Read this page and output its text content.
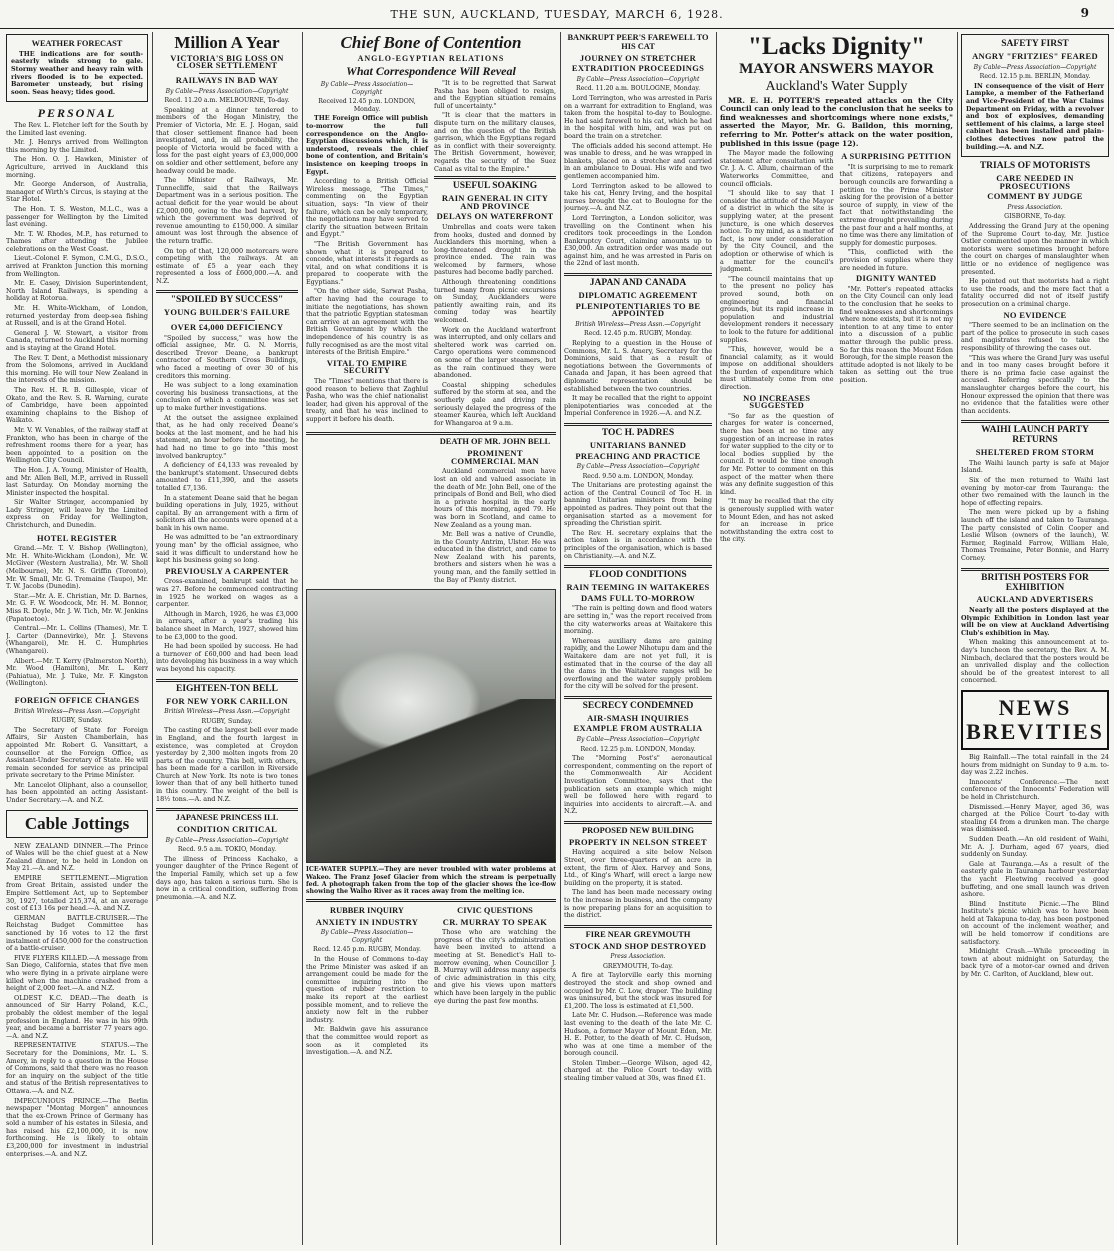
THE SUN, AUCKLAND, TUESDAY, MARCH 6, 1928.	9
WEATHER FORECAST

THE indications are for south-easterly winds strong to gale. Stormy weather and heavy rain with rivers flooded is to be expected. Barometer unsteady, but rising soon. Seas heavy; tides good.

PERSONAL

The Rev. L. Fletcher left for the South by the Limited last evening.

Mr. J. Henrys arrived from Wellington this morning by the Limited.

The Hon. O. J. Hawken, Minister of Agriculture, arrived in Auckland this morning.

Mr. George Anderson, of Australia, manager of Wirth's Circus, is staying at the Star Hotel.

The Hon. T. S. Weston, M.L.C., was a passenger for Wellington by the Limited last evening.

Mr. T. W. Rhodes, M.P., has returned to Thames after attending the Jubilee celebrations on the West Coast.

Lieut.-Colonel F. Symon, C.M.G., D.S.O., arrived at Frankton Junction this morning from Wellington.

Mr. E. Casey, Division Superintendent, North Island Railways, is spending a holiday at Rotorua.

Mr. H. White-Wickham, of London, returned yesterday from deep-sea fishing at Russell, and is at the Grand Hotel.

General J. W. Stewart, a visitor from Canada, returned to Auckland this morning and is staying at the Grand Hotel.

The Rev. T. Dent, a Methodist missionary from the Solomons, arrived in Auckland this morning. He will tour New Zealand in the interests of the mission.

The Rev. H. R. B. Gillespie, vicar of Okato, and the Rev. S. R. Warning, curate of Cambridge, have been appointed examining chaplains to the Bishop of Waikato.

Mr. V. W. Venables, of the railway staff at Frankton, who has been in charge of the refreshment rooms there for a year, has been appointed to a position on the Wellington City Council.

The Hon. J. A. Young, Minister of Health, and Mr. Allen Bell, M.P., arrived in Russell last Saturday. On Monday morning the Minister inspected the hospital.

Sir Walter Stringer, accompanied by Lady Stringer, will leave by the Limited express on Friday for Wellington, Christchurch, and Dunedin.

HOTEL REGISTER

Grand.—Mr. T. V. Bishop (Wellington), Mr. H. White-Wickham (London), Mr. W. McGiver (Western Australia), Mr. W. Sholl (Melbourne), Mr. N. S. Griffin (Toronto), Mr. W. Small, Mr. G. Tremaine (Taupo), Mr. T. W. Jacobs (Dunedin).

Star.—Mr. A. E. Christian, Mr. D. Barnes, Mr. G. F. W. Woodcock, Mr. H. M. Bonnor, Miss R. Doyle, Mr. J. W. Tich, Mr. W. Jenkins (Papatoetoe).

Central.—Mr. L. Collins (Thames), Mr. T. J. Carter (Dannevirke), Mr. J. Stevens (Whangarei), Mr. H. C. Humphries (Whangarei).

Albert.—Mr. T. Kerry (Palmerston North), Mr. Wood (Hamilton), Mr. L. Kerr (Pahiatua), Mr. J. Tuke, Mr. F. Kingston (Wellington).

FOREIGN OFFICE CHANGES
British Wireless—Press Assn.—Copyright
RUGBY, Sunday.

The Secretary of State for Foreign Affairs, Sir Austen Chamberlain, has appointed Mr. Robert G. Vansittart, a counsellor at the Foreign Office, as Assistant-Under Secretary of State. He will remain seconded for service as principal private secretary to the Prime Minister.

Mr. Lancelot Oliphant, also a counsellor, has been appointed an acting Assistant-Under Secretary.—A. and N.Z.

Cable Jottings

NEW ZEALAND DINNER.—The Prince of Wales will be the chief guest at a New Zealand dinner, to be held in London on May 21.—A. and N.Z.

EMPIRE SETTLEMENT.—Migration from Great Britain, assisted under the Empire Settlement Act, up to September 30, 1927, totalled 215,374, at an average cost of £13 16s per head.—A. and N.Z.

GERMAN BATTLE-CRUISER.—The Reichstag Budget Committee has sanctioned by 16 votes to 12 the first instalment of £450,000 for the construction of a battle-cruiser.

FIVE FLYERS KILLED.—A message from San Diego, California, states that five men who were flying in a private airplane were killed when the machine crashed from a height of 2,000 feet.—A. and N.Z.

OLDEST K.C. DEAD.—The death is announced of Sir Harry Poland, K.C., probably the oldest member of the legal profession in England. He was in his 99th year, and became a barrister 77 years ago.—A. and N.Z.

REPRESENTATIVE STATUS.—The Secretary for the Dominions, Mr. L. S. Amery, in reply to a question in the House of Commons, said that there was no reason for an inquiry on the subject of the title and status of the British representatives to Ottawa.—A. and N.Z.

IMPECUNIOUS PRINCE.—The Berlin newspaper "Montag Morgen" announces that the ex-Crown Prince of Germany has sold a number of his estates in Silesia, and has raised his £2,100,000, it is now forthcoming. He is likely to obtain £3,200,000 for investment in industrial enterprises.—A. and N.Z.

Million A Year
VICTORIA'S BIG LOSS ON CLOSER SETTLEMENT
RAILWAYS IN BAD WAY
By Cable—Press Association—Copyright
Recd. 11.20 a.m. MELBOURNE, To-day.

Speaking at a dinner tendered to members of the Hogan Ministry, the Premier of Victoria, Mr. E. J. Hogan, said that closer settlement finance had been investigated, and, in all probability, the people of Victoria would be faced with a loss for the past eight years of £3,000,000 on soldier and other settlement, before any headway could be made.

The Minister of Railways, Mr. Tunnecliffe, said that the Railways Department was in a serious position. The actual deficit for the year would be about £2,000,000, owing to the bad harvest, by which the government was deprived of revenue amounting to £150,000. A similar amount was lost through the absence of the return traffic.

On top of that, 120,000 motorcars were competing with the railways. At an estimate of £5 a year each they represented a loss of £600,000.—A. and N.Z.

"SPOILED BY SUCCESS"
YOUNG BUILDER'S FAILURE
OVER £4,000 DEFICIENCY

"Spoiled by success," was how the official assignee, Mr. G. N. Morris, described Trevor Deane, a bankrupt contractor of Southern Cross Buildings, who faced a meeting of over 30 of his creditors this morning.

He was subject to a long examination covering his business transactions, at the conclusion of which a committee was set up to make further investigations.

At the outset the assignee explained that, as he had only received Deane's books at the last moment, and he had his statement, an hour before the meeting, he had had no time to go into "this most involved bankruptcy."

A deficiency of £4,133 was revealed by the bankrupt's statement. Unsecured debts amounted to £11,390, and the assets totalled £7,136.

In a statement Deane said that he began building operations in July, 1925, without capital. By an arrangement with a firm of solicitors all the accounts were opened at a bank in his own name.

He was admitted to be "an extraordinary young man" by the official assignee, who said it was difficult to understand how he kept his business going so long.

PREVIOUSLY A CARPENTER

Cross-examined, bankrupt said that he was 27. Before he commenced contracting in 1925 he worked on wages as a carpenter.

Although in March, 1926, he was £3,000 in arrears, after a year's trading his balance sheet in March, 1927, showed him to be £3,000 to the good.

He had been spoiled by success. He had a turnover of £60,000 and had been lead into developing his business in a way which was beyond his capacity.

EIGHTEEN-TON BELL
FOR NEW YORK CARILLON
British Wireless—Press Assn.—Copyright
RUGBY, Sunday.

The casting of the largest bell ever made in England, and the fourth largest in existence, was completed at Croydon yesterday by 2,300 molten ingots from 20 parts of the country. This bell, with others, has been made for a carillon in Riverside Church at New York. Its note is two tones lower than that of any bell hitherto tuned in this country. The weight of the bell is 18½ tons.—A. and N.Z.

JAPANESE PRINCESS ILL
CONDITION CRITICAL
By Cable—Press Association—Copyright
Recd. 9.5 a.m. TOKIO, Monday.

The illness of Princess Kachako, a younger daughter of the Prince Regent of the Imperial Family, which set up a few days ago, has taken a serious turn. She is now in a critical condition, suffering from pneumonia.—A. and N.Z.

Chief Bone of Contention
ANGLO-EGYPTIAN RELATIONS
What Correspondence Will Reveal
By Cable—Press Association—Copyright
Received 12.45 p.m. LONDON, Monday.

THE Foreign Office will publish to-morrow the full correspondence on the Anglo-Egyptian discussions which, it is understood, reveals the chief bone of contention, and Britain's insistence on keeping troops in Egypt.

According to a British Official Wireless message, "The Times," commenting on the Egyptian situation, says: "In view of their failure, which can be only temporary, the negotiations may have served to clarify the situation between Britain and Egypt."

"The British Government has shown what it is prepared to concede, what interests it regards as vital, and on what conditions it is prepared to cooperate with the Egyptians."

"On the other side, Sarwat Pasha, after having had the courage to initiate the negotiations, has shown that the patriotic Egyptian statesman can arrive at an agreement with the British Government by which the independence of his country is as fully recognised as are the most vital interests of the British Empire."

VITAL TO EMPIRE SECURITY

The "Times" mentions that there is good reason to believe that Zaghlul Pasha, who was the chief nationalist leader, had given his approval of the treaty, and that he was inclined to support it before his death.

"It is to be regretted that Sarwat Pasha has been obliged to resign, and the Egyptian situation remains full of uncertainty."

"It is clear that the matters in dispute turn on the military clauses, and on the question of the British garrison, which the Egyptians regard as in conflict with their sovereignty. The British Government, however, regards the security of the Suez Canal as vital to the Empire."

USEFUL SOAKING
RAIN GENERAL IN CITY AND PROVINCE
DELAYS ON WATERFRONT

Umbrellas and coats were taken from hooks, dusted and donned by Aucklanders this morning, when a long-threatened drought in the province ended. The rain was welcomed by farmers, whose pastures had become badly parched.

Although threatening conditions turned many from picnic excursions on Sunday, Aucklanders were patiently awaiting rain, and its coming today was heartily welcomed.

Work on the Auckland waterfront was interrupted, and only cellars and sheltered work was carried on. Cargo operations were commenced on some of the larger steamers, but as the rain continued they were abandoned.

Coastal shipping schedules suffered by the storm at sea, and the southerly gale and driving rain seriously delayed the progress of the steamer Kaurea, which left Auckland for Whangaroa at 9 a.m.

DEATH OF MR. JOHN BELL
PROMINENT COMMERCIAL MAN

Auckland commercial men have lost an old and valued associate in the death of Mr. John Bell, one of the principals of Bond and Bell, who died in a private hospital in the early hours of this morning, aged 79. He was born in Scotland, and came to New Zealand as a young man.

Mr. Bell was a native of Crundle, in the County Antrim, Ulster. He was educated in the district, and came to New Zealand with his parents, brothers and sisters when he was a young man, and the family settled in the Bay of Plenty district.

ICE-WATER SUPPLY.—They are never troubled with water problems at Wakeo. The Franz Josef Glacier from which the stream is perpetually fed. A photograph taken from the top of the glacier shows the ice-flow showing the Waiho River as it races away from the melting ice.
RUBBER INQUIRY
ANXIETY IN INDUSTRY
By Cable—Press Association—Copyright
Recd. 12.45 p.m. RUGBY, Monday.

In the House of Commons to-day the Prime Minister was asked if an arrangement could be made for the committee inquiring into the question of rubber restriction to make its report at the earliest possible moment, and to relieve the anxiety now felt in the rubber industry.

Mr. Baldwin gave his assurance that the committee would report as soon as it completed its investigation.—A. and N.Z.

CIVIC QUESTIONS
CR. MURRAY TO SPEAK

Those who are watching the progress of the city's administration have been invited to attend a meeting at St. Benedict's Hall to-morrow evening, when Councillor J. B. Murray will address many aspects of civic administration in this city, and give his views upon matters which have been largely in the public eye during the past few months.

BANKRUPT PEER'S FAREWELL TO HIS CAT
JOURNEY ON STRETCHER
EXTRADITION PROCEEDINGS
By Cable—Press Association—Copyright
Recd. 11.20 a.m. BOULOGNE, Monday.

Lord Terrington, who was arrested in Paris on a warrant for extradition to England, was taken from the hospital to-day to Boulogne. He had said farewell to his cat, which he had in the hospital with him, and was put on board the train on a stretcher.

The officials added his second attempt. He was unable to dress, and he was wrapped in blankets, placed on a stretcher and carried in an ambulance to Douai. His wife and two gentlemen accompanied him.

Lord Terrington asked to be allowed to take his cat, Henry Irving, and the hospital nurses brought the cat to Boulogne for the journey.—A. and N.Z.

Lord Terrington, a London solicitor, was travelling on the Continent when his creditors took proceedings in the London Bankruptcy Court, claiming amounts up to £30,000. An extradition order was made out against him, and he was arrested in Paris on the 22nd of last month.

JAPAN AND CANADA
DIPLOMATIC AGREEMENT
PLENIPOTENTIARIES TO BE APPOINTED
British Wireless—Press Assn.—Copyright
Recd. 12.45 p.m. RUGBY, Monday.

Replying to a question in the House of Commons, Mr. L. S. Amery, Secretary for the Dominions, said that as a result of negotiations between the Governments of Canada and Japan, it has been agreed that diplomatic representation should be established between the two countries.

It may be recalled that the right to appoint plenipotentiaries was conceded at the Imperial Conference in 1926.—A. and N.Z.

TOC H. PADRES
UNITARIANS BANNED
PREACHING AND PRACTICE
By Cable—Press Association—Copyright
Recd. 9.50 a.m. LONDON, Monday.

The Unitarians are protesting against the action of the Central Council of Toc H. in banning Unitarian ministers from being appointed as padres. They point out that the organisation started as a movement for spreading the Christian spirit.

The Rev. H. secretary explains that the action taken is in accordance with the principles of the organisation, which is based on Christianity.—A. and N.Z.

FLOOD CONDITIONS
RAIN TEEMING IN WAITAKERES
DAMS FULL TO-MORROW

"The rain is pelting down and flood waters are setting in," was the report received from the city waterworks areas at Waitakere this morning.

Whereas auxiliary dams are gaining rapidly, and the Lower Nihotupu dam and the Waitakere dam are not yet full, it is estimated that in the course of the day all the dams in the Waitakere ranges will be overflowing and the water supply problem for the city will be solved for the present.

SECRECY CONDEMNED
AIR-SMASH INQUIRIES
EXAMPLE FROM AUSTRALIA
By Cable—Press Association—Copyright
Recd. 12.25 p.m. LONDON, Monday.

The "Morning Post's" aeronautical correspondent, commenting on the report of the Commonwealth Air Accident Investigation Committee, says that the publication sets an example which might well be followed here with regard to inquiries into accidents to aircraft.—A. and N.Z.

PROPOSED NEW BUILDING
PROPERTY IN NELSON STREET

Having acquired a site below Nelson Street, over three-quarters of an acre in extent, the firm of Alex. Harvey and Sons, Ltd., of King's Wharf, will erect a large new building on the property, it is stated.

The land has been made necessary owing to the increase in business, and the company is now preparing plans for an acquisition to the district.

FIRE NEAR GREYMOUTH
STOCK AND SHOP DESTROYED
Press Association.
GREYMOUTH, To-day.

A fire at Taylorville early this morning destroyed the stock and shop owned and occupied by Mr. C. Low, draper. The building was uninsured, but the stock was insured for £1,200. The loss is estimated at £1,500.

Late Mr. C. Hudson.—Reference was made last evening to the death of the late Mr. C. Hudson, a former Mayor of Mount Eden, Mr. H. E. Potter, to the death of Mr. C. Hudson, who was at one time a member of the borough council.

Stolen Timber.—George Wilson, aged 42, charged at the Police Court to-day with stealing timber valued at 30s, was fined £1.

"Lacks Dignity"
MAYOR ANSWERS MAYOR
Auckland's Water Supply

MR. E. H. POTTER'S repeated attacks on the City Council can only lead to the conclusion that he seeks to find weaknesses and shortcomings where none exists," asserted the Mayor, Mr. G. Baildon, this morning, referring to Mr. Potter's attack on the water position, published in this issue (page 12).

The Mayor made the following statement after consultation with Cr. J. A. C. Allum, chairman of the Waterworks Committee, and council officials.

"I should like to say that I consider the attitude of the Mayor of a district in which the site is supplying water, at the present juncture, is one which deserves notice. To my mind, as a matter of fact, is now under consideration by the City Council, and the adoption or otherwise of which is a matter for the council's judgment.

"The council maintains that up to the present no policy has proved sound, both on engineering and financial grounds, but its rapid increase in population and industrial development renders it necessary to look to the future for additional supplies.

"This, however, would be a financial calamity, as it would impose on additional shoulders the burden of expenditure which must ultimately come from one direction.

NO INCREASES SUGGESTED

"So far as the question of charges for water is concerned, there has been at no time any suggestion of an increase in rates for water supplied to the city or to local bodies supplied by the council. It would be time enough for Mr. Potter to comment on this aspect of the matter when there was any definite suggestion of this kind.

"It may be recalled that the city is generously supplied with water to Mount Eden, and has not asked for an increase in price notwithstanding the extra cost to the city.

A SURPRISING PETITION

"It is surprising to me to remark that citizens, ratepayers and borough councils are forwarding a petition to the Prime Minister asking for the provision of a better source of supply, in view of the fact that notwithstanding the extreme drought prevailing during the past four and a half months, at no time was there any limitation of supply for domestic purposes.

"This, conflicted with the provision of supplies where they are needed in future.

DIGNITY WANTED

"Mr. Potter's repeated attacks on the City Council can only lead to the conclusion that he seeks to find weaknesses and shortcomings where none exists, but it is not my intention to at any time to enter into a discussion of a public matter through the public press. So far this reason the Mount Eden Borough, for the simple reason the attitude adopted is not likely to be taken as setting out the true position.

SAFETY FIRST
ANGRY "FRITZIES" FEARED
By Cable—Press Association—Copyright
Recd. 12.15 p.m. BERLIN, Monday.

IN consequence of the visit of Herr Lampke, a member of the Fatherland and Vice-President of the War Claims Department on Friday, with a revolver and box of explosives, demanding settlement of his claims, a large steel cabinet has been installed and plain-clothes detectives now patrol the building.—A. and N.Z.

TRIALS OF MOTORISTS
CARE NEEDED IN PROSECUTIONS
COMMENT BY JUDGE
Press Association.
GISBORNE, To-day.

Addressing the Grand Jury at the opening of the Supreme Court to-day, Mr. Justice Ostler commented upon the manner in which motorists were sometimes brought before the court on charges of manslaughter when little or no evidence of negligence was presented.

He pointed out that motorists had a right to use the roads, and the mere fact that a fatality occurred did not of itself justify prosecution on a criminal charge.

NO EVIDENCE

"There seemed to be an inclination on the part of the police to prosecute in such cases and magistrates refused to take the responsibility of throwing the cases out.

"This was where the Grand Jury was useful and in too many cases brought before it there is no prima facie case against the accused. Referring specifically to the manslaughter charges before the court, his Honour expressed the opinion that there was no evidence that the fatalities were other than accidents.

WAIHI LAUNCH PARTY RETURNS
SHELTERED FROM STORM

The Waihi launch party is safe at Major Island.

Six of the men returned to Waihi last evening by motor-car from Tauranga: the other two remained with the launch in the hope of effecting repairs.

The men were picked up by a fishing launch off the island and taken to Tauranga. The party consisted of Colin Cooper and Leslie Wilson (owners of the launch), W. Farmer, Reginald Farrow, William Hale, Thomas Tremaine, Peter Bonnie, and Harry Corney.

BRITISH POSTERS FOR EXHIBITION
AUCKLAND ADVERTISERS

Nearly all the posters displayed at the Olympic Exhibition in London last year will be on view at Auckland Advertising Club's exhibition in May.

When making this announcement at to-day's luncheon the secretary, the Rev. A. M. Nimbach, declared that the posters would be an unrivalled display and the collection should be of the greatest interest to all concerned.

NEWS BREVITIES

Big Rainfall.—The total rainfall in the 24 hours from midnight on Sunday to 9 a.m. to-day was 2.22 inches.

Innocents' Conference.—The next conference of the Innocents' Federation will be held in Christchurch.

Dismissed.—Henry Mayer, aged 36, was charged at the Police Court to-day with stealing £4 from a drunken man. The charge was dismissed.

Sudden Death.—An old resident of Waihi, Mr. A. J. Durham, aged 67 years, died suddenly on Sunday.

Gale at Tauranga.—As a result of the easterly gale in Tauranga harbour yesterday the yacht Fleetwing received a good buffeting, and one small launch was driven ashore.

Blind Institute Picnic.—The Blind Institute's picnic which was to have been held at Takapuna to-day, has been postponed on account of the inclement weather, and will be held tomorrow if conditions are satisfactory.

Midnight Crash.—While proceeding in town at about midnight on Saturday, the back tyre of a motor-car owned and driven by Mr. C. Carlton, of Auckland, blew out.
